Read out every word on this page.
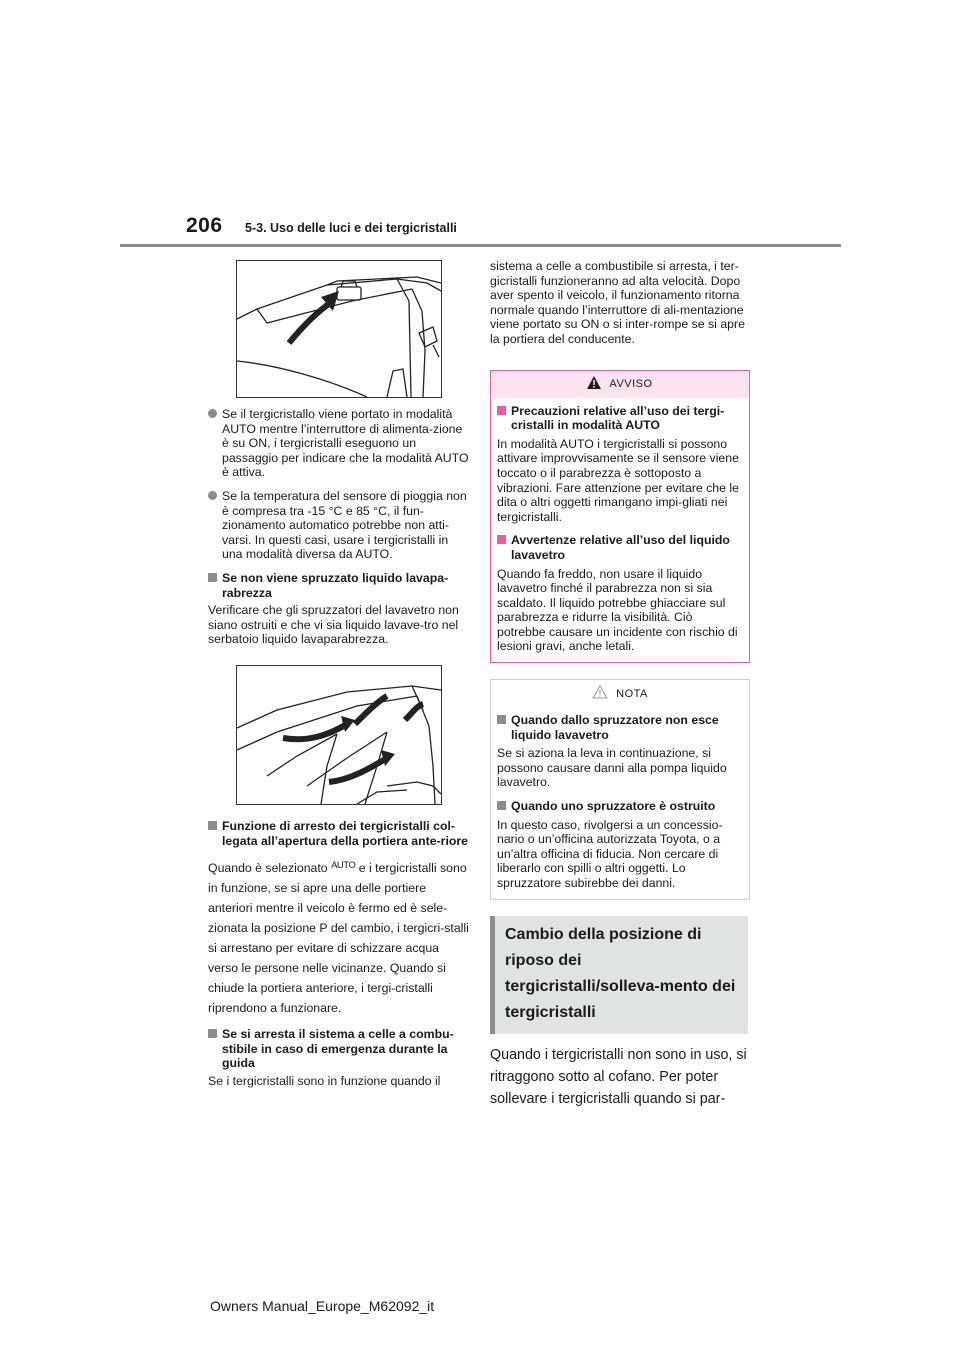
206 5-3. Uso delle luci e dei tergicristalli
Se il tergicristallo viene portato in modalità AUTO mentre l’interruttore di alimenta-zione è su ON, i tergicristalli eseguono un passaggio per indicare che la modalità AUTO è attiva.
Se la temperatura del sensore di pioggia non è compresa tra -15 °C e 85 °C, il fun-zionamento automatico potrebbe non atti-varsi. In questi casi, usare i tergicristalli in una modalità diversa da AUTO.
Se non viene spruzzato liquido lavapa-rabrezza
Verificare che gli spruzzatori del lavavetro non siano ostruiti e che vi sia liquido lavave-tro nel serbatoio liquido lavaparabrezza.
Funzione di arresto dei tergicristalli col-legata all’apertura della portiera ante-riore
Quando è selezionato $^{AUTO}$ e i tergicristalli sono in funzione, se si apre una delle portiere anteriori mentre il veicolo è fermo ed è sele-zionata la posizione P del cambio, i tergicri-stalli si arrestano per evitare di schizzare acqua verso le persone nelle vicinanze. Quando si chiude la portiera anteriore, i tergi-cristalli riprendono a funzionare.
Se si arresta il sistema a celle a combu-stibile in caso di emergenza durante la guida
Se i tergicristalli sono in funzione quando il
sistema a celle a combustibile si arresta, i ter-gicristalli funzioneranno ad alta velocità. Dopo aver spento il veicolo, il funzionamento ritorna normale quando l’interruttore di ali-mentazione viene portato su ON o si inter-rompe se si apre la portiera del conducente.
AVVISO
Precauzioni relative all’uso dei tergi-cristalli in modalità AUTO
In modalità AUTO i tergicristalli si possono attivare improvvisamente se il sensore viene toccato o il parabrezza è sottoposto a vibrazioni. Fare attenzione per evitare che le dita o altri oggetti rimangano impi-gliati nei tergicristalli.
Avvertenze relative all’uso del liquido lavavetro
Quando fa freddo, non usare il liquido lavavetro finché il parabrezza non si sia scaldato. Il liquido potrebbe ghiacciare sul parabrezza e ridurre la visibilità. Ciò potrebbe causare un incidente con rischio di lesioni gravi, anche letali.
NOTA
Quando dallo spruzzatore non esce liquido lavavetro
Se si aziona la leva in continuazione, si possono causare danni alla pompa liquido lavavetro.
Quando uno spruzzatore è ostruito
In questo caso, rivolgersi a un concessio-nario o un’officina autorizzata Toyota, o a un’altra officina di fiducia. Non cercare di liberarlo con spilli o altri oggetti. Lo spruzzatore subirebbe dei danni.
Cambio della posizione di riposo dei tergicristalli/solleva-mento dei tergicristalli
Quando i tergicristalli non sono in uso, si ritraggono sotto al cofano. Per poter sollevare i tergicristalli quando si par-
Owners Manual_Europe_M62092_it
